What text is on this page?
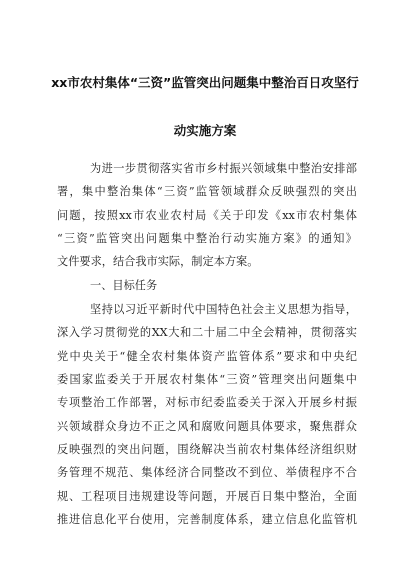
xx市农村集体“三资”监管突出问题集中整治百日攻坚行
动实施方案
为进一步贯彻落实省市乡村振兴领域集中整治安排部
署，集中整治集体“三资”监管领域群众反映强烈的突出
问题，按照xx市农业农村局《关于印发《xx市农村集体
“三资”监管突出问题集中整治行动实施方案》的通知》
文件要求，结合我市实际，制定本方案。
一、目标任务
坚持以习近平新时代中国特色社会主义思想为指导，
深入学习贯彻党的XX大和二十届二中全会精神，贯彻落实
党中央关于“健全农村集体资产监管体系”要求和中央纪
委国家监委关于开展农村集体“三资”管理突出问题集中
专项整治工作部署，对标市纪委监委关于深入开展乡村振
兴领域群众身边不正之风和腐败问题具体要求，聚焦群众
反映强烈的突出问题，围绕解决当前农村集体经济组织财
务管理不规范、集体经济合同整改不到位、举债程序不合
规、工程项目违规建设等问题，开展百日集中整治，全面
推进信息化平台使用，完善制度体系，建立信息化监管机
